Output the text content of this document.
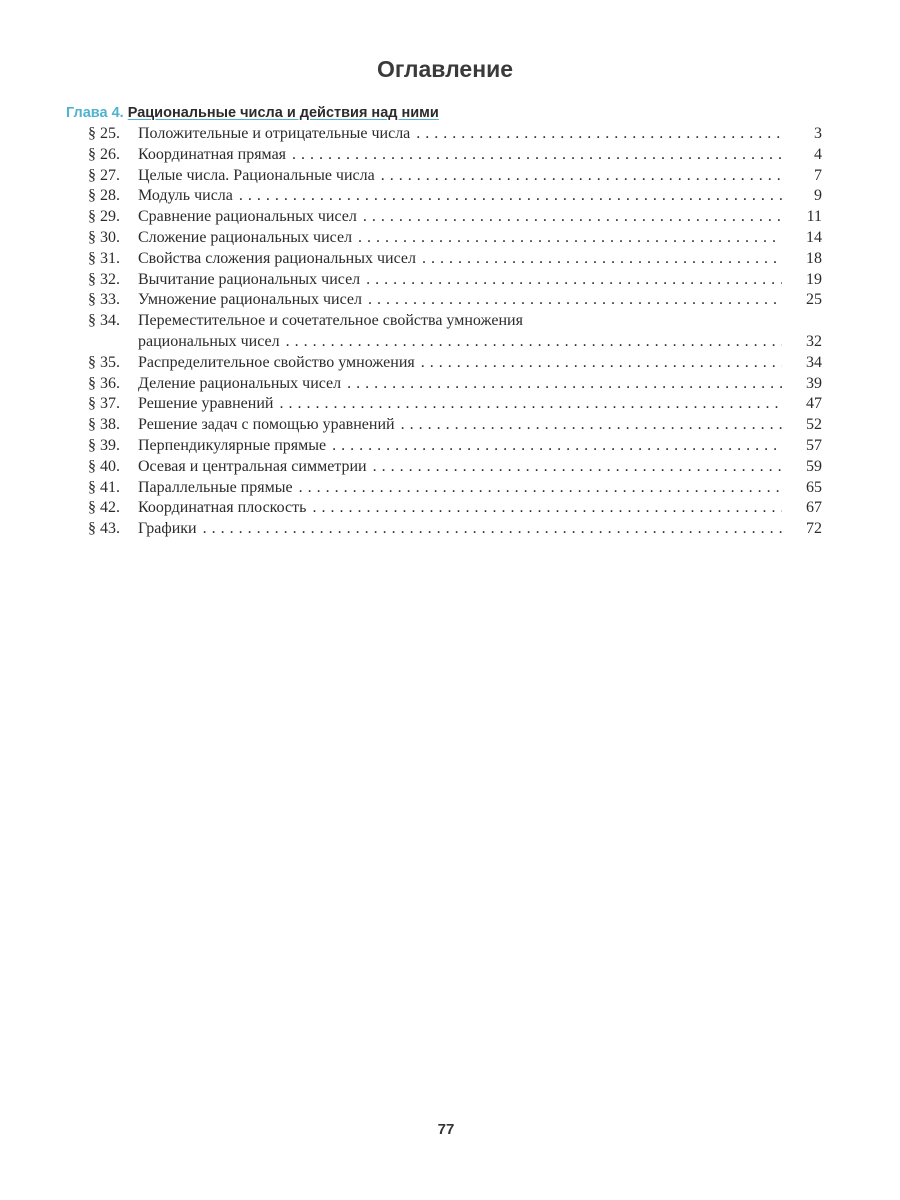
Оглавление
Глава 4. Рациональные числа и действия над ними
§ 25.	Положительные и отрицательные числа . . .	3
§ 26.	Координатная прямая . . .	4
§ 27.	Целые числа. Рациональные числа . . .	7
§ 28.	Модуль числа . . .	9
§ 29.	Сравнение рациональных чисел . . .	11
§ 30.	Сложение рациональных чисел . . .	14
§ 31.	Свойства сложения рациональных чисел . . .	18
§ 32.	Вычитание рациональных чисел . . .	19
§ 33.	Умножение рациональных чисел . . .	25
§ 34.	Переместительное и сочетательное свойства умножения
рациональных чисел . . .	32
§ 35.	Распределительное свойство умножения . . .	34
§ 36.	Деление рациональных чисел . . .	39
§ 37.	Решение уравнений . . .	47
§ 38.	Решение задач с помощью уравнений . . .	52
§ 39.	Перпендикулярные прямые . . .	57
§ 40.	Осевая и центральная симметрии . . .	59
§ 41.	Параллельные прямые . . .	65
§ 42.	Координатная плоскость . . .	67
§ 43.	Графики . . .	72
77
